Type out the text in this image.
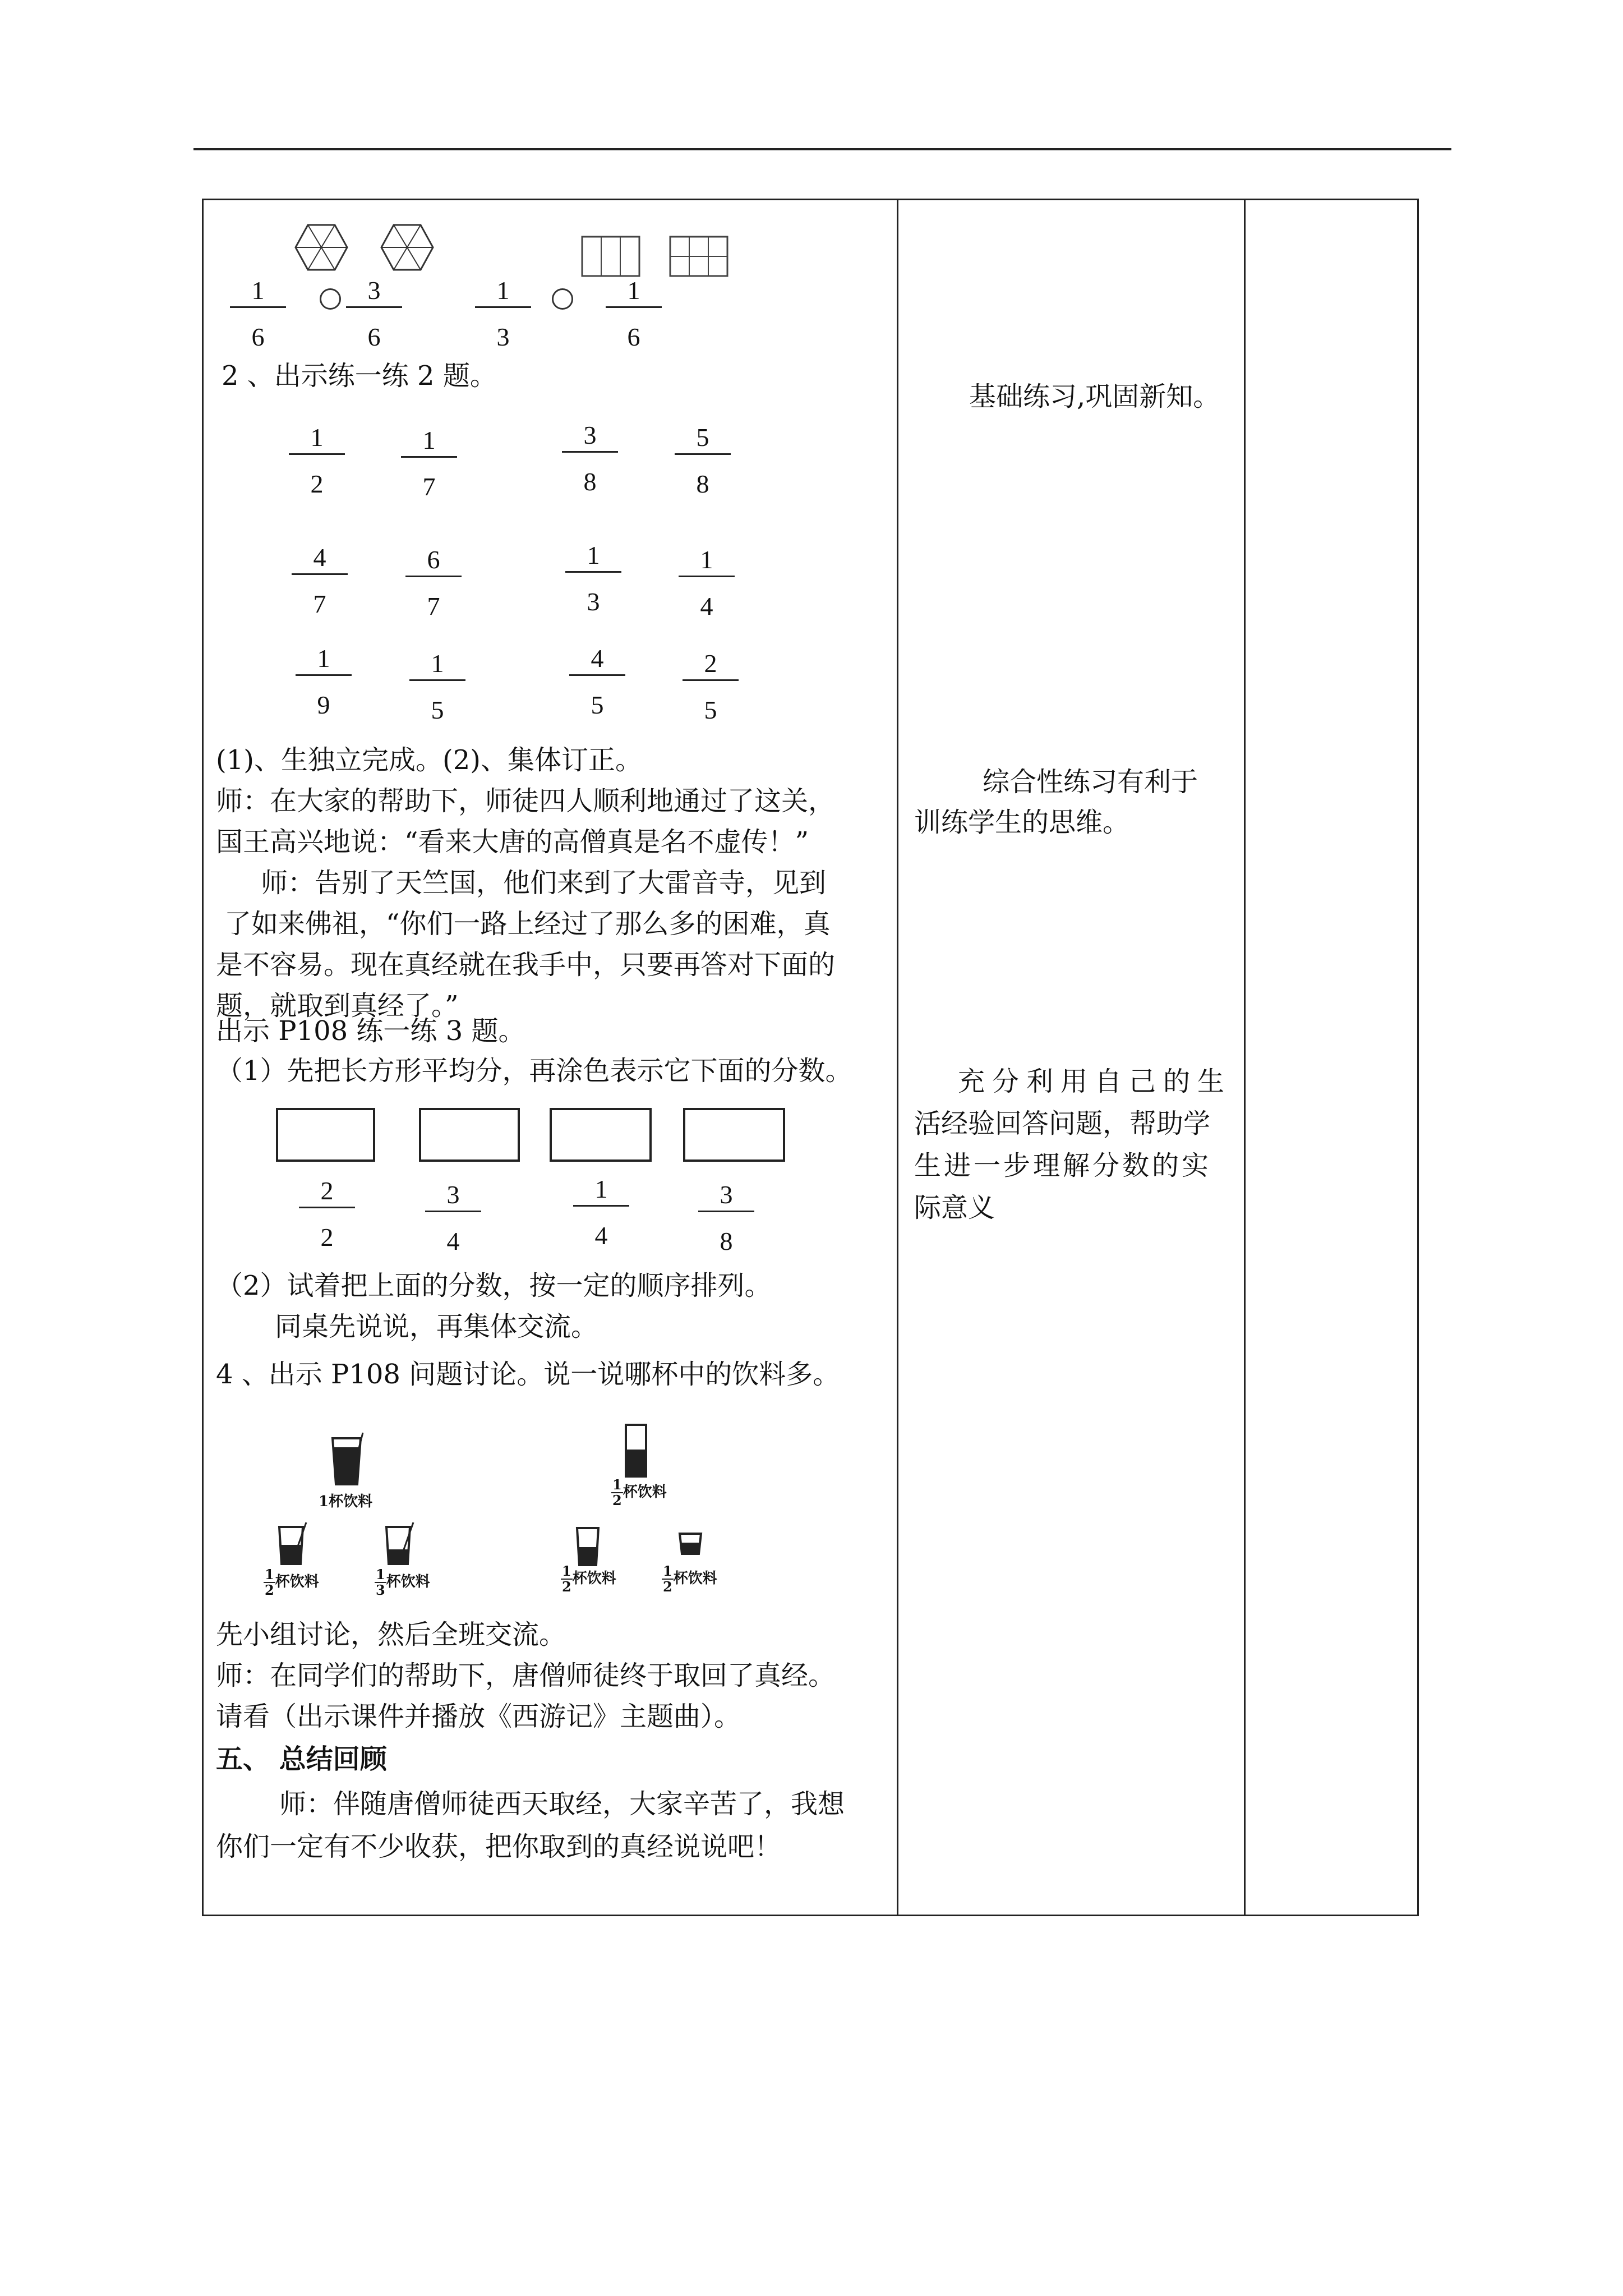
1
6
3
6
1
3
1
6
2 、出示练一练 2 题。
1
2
1
7
3
8
5
8
4
7
6
7
1
3
1
4
1
9
1
5
4
5
2
5
(1)、生独立完成。(2)、集体订正。
师：在大家的帮助下，师徒四人顺利地通过了这关，
国王高兴地说：“看来大唐的高僧真是名不虚传！”
师：告别了天竺国，他们来到了大雷音寺，见到
了如来佛祖，“你们一路上经过了那么多的困难，真
是不容易。现在真经就在我手中，只要再答对下面的
题，就取到真经了。”
出示 P108 练一练 3 题。
（1）先把长方形平均分，再涂色表示它下面的分数。
2
2
3
4
1
4
3
8
（2）试着把上面的分数，按一定的顺序排列。
同桌先说说，再集体交流。
4 、出示 P108 问题讨论。说一说哪杯中的饮料多。
1杯饮料
$\frac{1}{2}$杯饮料	$\frac{1}{3}$杯饮料
$\frac{1}{2}$杯饮料
$\frac{1}{2}$杯饮料	$\frac{1}{2}$杯饮料
先小组讨论，然后全班交流。
师：在同学们的帮助下，唐僧师徒终于取回了真经。
请看（出示课件并播放《西游记》主题曲）。
五、 总结回顾
师：伴随唐僧师徒西天取经，大家辛苦了，我想
你们一定有不少收获，把你取到的真经说说吧！
基础练习,巩固新知。
综合性练习有利于
训练学生的思维。
充分利用自己的生
活经验回答问题，帮助学
生进一步理解分数的实
际意义
